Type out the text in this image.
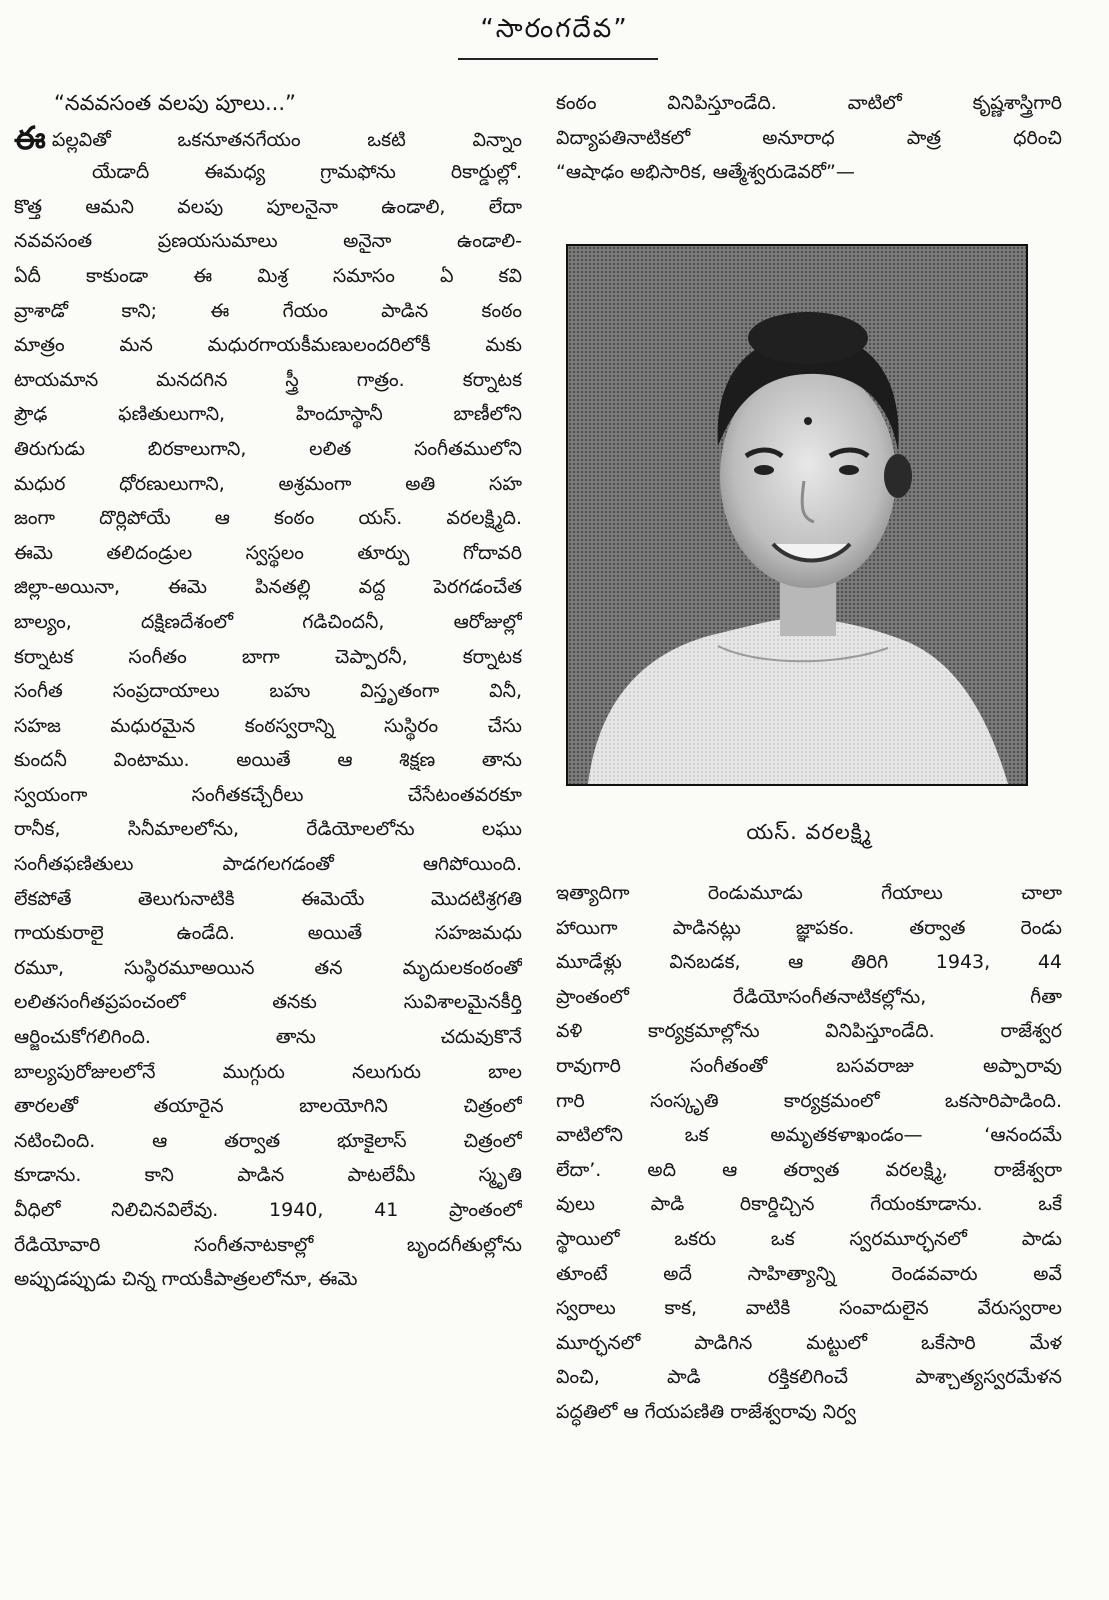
“సారంగదేవ”
“నవవసంత వలపు పూలు...”
ఈపల్లవితో ఒకనూతనగేయం ఒకటి విన్నాం
యేడాదీ ఈమధ్య గ్రామఫోను రికార్డుల్లో.
కొత్త ఆమని వలపు పూలనైనా ఉండాలి, లేదా
నవవసంత ప్రణయసుమాలు అనైనా ఉండాలి-
ఏదీ కాకుండా ఈ మిశ్ర సమాసం ఏ కవి
వ్రాశాడో కాని; ఈ గేయం పాడిన కంఠం
మాత్రం మన మధురగాయకీమణులందరిలోకీ మకు
టాయమాన మనదగిన స్త్రీ గాత్రం. కర్నాటక
ప్రౌఢ ఫణితులుగాని, హిందూస్థానీ బాణీలోని
తిరుగుడు బిరకాలుగాని, లలిత సంగీతములోని
మధుర ధోరణులుగాని, అశ్రమంగా అతి సహ
జంగా దొర్లిపోయే ఆ కంఠం యస్. వరలక్ష్మిది.
ఈమె తలిదండ్రుల స్వస్థలం తూర్పు గోదావరి
జిల్లా-అయినా, ఈమె పినతల్లి వద్ద పెరగడంచేత
బాల్యం, దక్షిణదేశంలో గడిచిందనీ, ఆరోజుల్లో
కర్నాటక సంగీతం బాగా చెప్పారనీ, కర్నాటక
సంగీత సంప్రదాయాలు బహు విస్తృతంగా వినీ,
సహజ మధురమైన కంఠస్వరాన్ని సుస్థిరం చేసు
కుందనీ వింటాము. అయితే ఆ శిక్షణ తాను
స్వయంగా సంగీతకచ్చేరీలు చేసేటంతవరకూ
రానీక, సినీమాలలోను, రేడియోలలోను లఘు
సంగీతఫణితులు పాడగలగడంతో ఆగిపోయింది.
లేకపోతే తెలుగునాటికి ఈమెయే మొదటిశ్రగతి
గాయకురాలై ఉండేది. అయితే సహజమధు
రమూ, సుస్థిరమూఅయిన తన మృదులకంఠంతో
లలితసంగీతప్రపంచంలో తనకు సువిశాలమైనకీర్తి
ఆర్జించుకోగలిగింది. తాను చదువుకొనే
బాల్యపురోజులలోనే ముగ్గురు నలుగురు బాల
తారలతో తయారైన బాలయోగిని చిత్రంలో
నటించింది. ఆ తర్వాత భూకైలాస్ చిత్రంలో
కూడాను. కాని పాడిన పాటలేమీ స్మృతి
వీధిలో నిలిచినవిలేవు. 1940, 41 ప్రాంతంలో
రేడియోవారి సంగీతనాటకాల్లో బృందగీతుల్లోను
అప్పుడప్పుడు చిన్న గాయకీపాత్రలలోనూ, ఈమె
కంఠం వినిపిస్తూండేది. వాటిలో కృష్ణశాస్త్రిగారి
విద్యాపతినాటికలో అనూరాధ పాత్ర ధరించి
“ఆషాఢం అభిసారిక, ఆత్మేశ్వరుడెవరో”—
యస్. వరలక్ష్మి
ఇత్యాదిగా రెండుమూడు గేయాలు చాలా
హాయిగా పాడినట్లు జ్ఞాపకం. తర్వాత రెండు
మూడేళ్లు వినబడక, ఆ తిరిగి 1943, 44
ప్రాంతంలో రేడియోసంగీతనాటికల్లోను, గీతా
వళి కార్యక్రమాల్లోను వినిపిస్తూండేది. రాజేశ్వర
రావుగారి సంగీతంతో బసవరాజు అప్పారావు
గారి సంస్కృతి కార్యక్రమంలో ఒకసారిపాడింది.
వాటిలోని ఒక అమృతకళాఖండం— ‘ఆనందమే
లేదా’. అది ఆ తర్వాత వరలక్ష్మి, రాజేశ్వరా
వులు పాడి రికార్డిచ్చిన గేయంకూడాను. ఒకే
స్థాయిలో ఒకరు ఒక స్వరమూర్ఛనలో పాడు
తూంటే అదే సాహిత్యాన్ని రెండవవారు అవే
స్వరాలు కాక, వాటికి సంవాదులైన వేరుస్వరాల
మూర్ఛనలో పాడిగిన మట్టులో ఒకేసారి మేళ
వించి, పాడి రక్తికలిగించే పాశ్చాత్యస్వరమేళన
పద్ధతిలో ఆ గేయపణితి రాజేశ్వరావు నిర్వ
